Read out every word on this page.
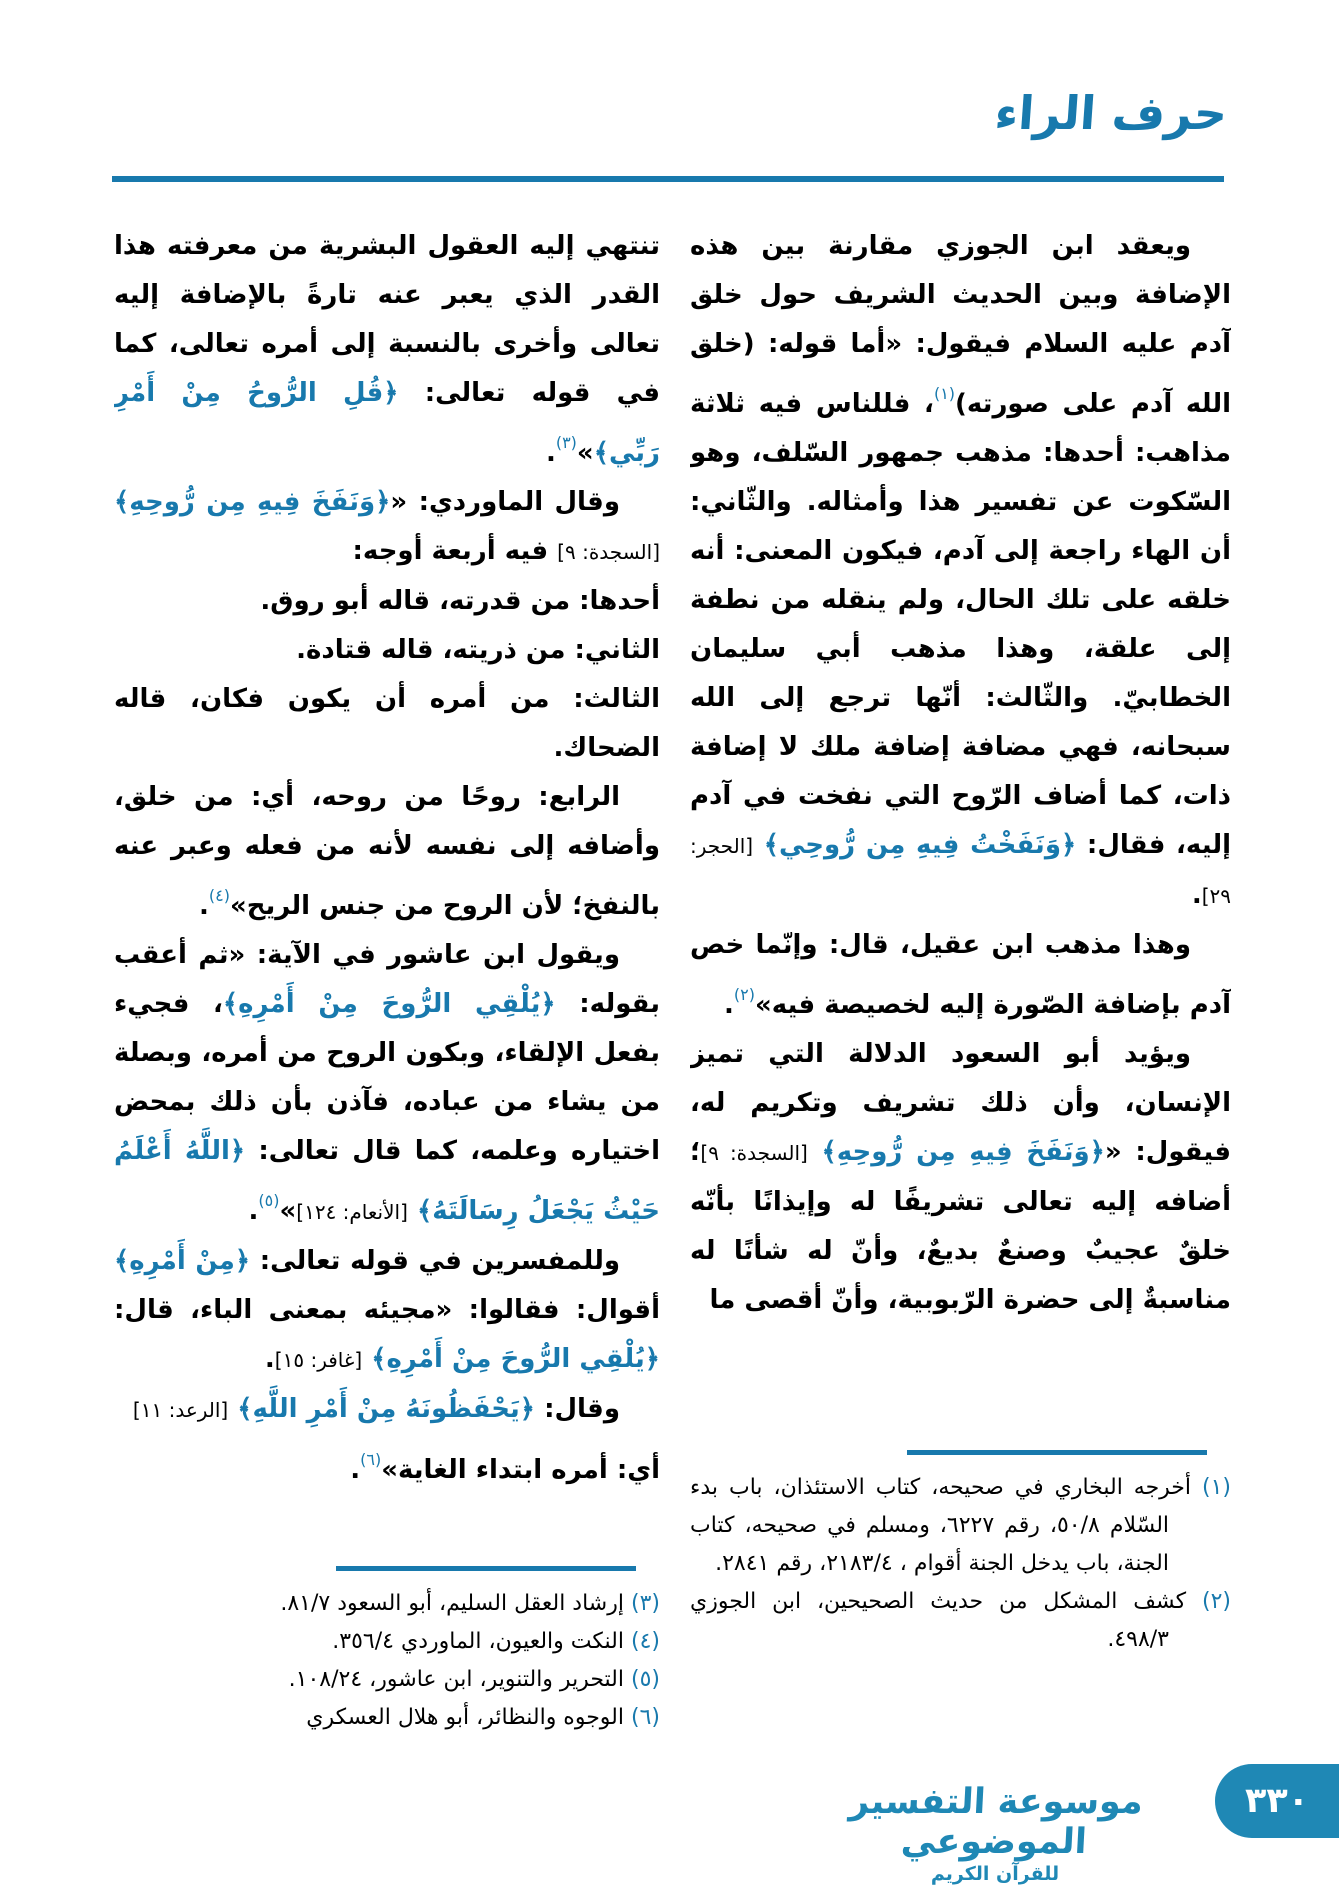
حرف الراء

ويعقد ابن الجوزي مقارنة بين هذه الإضافة وبين الحديث الشريف حول خلق آدم عليه السلام فيقول: «أما قوله: (خلق الله آدم على صورته)$^{(١)}$، فللناس فيه ثلاثة مذاهب: أحدها: مذهب جمهور السّلف، وهو السّكوت عن تفسير هذا وأمثاله. والثّاني: أن الهاء راجعة إلى آدم، فيكون المعنى: أنه خلقه على تلك الحال، ولم ينقله من نطفة إلى علقة، وهذا مذهب أبي سليمان الخطابيّ. والثّالث: أنّها ترجع إلى الله سبحانه، فهي مضافة إضافة ملك لا إضافة ذات، كما أضاف الرّوح التي نفخت في آدم إليه، فقال: ﴿وَنَفَخْتُ فِيهِ مِن رُّوحِي﴾ [الحجر: ٢٩].

وهذا مذهب ابن عقيل، قال: وإنّما خص آدم بإضافة الصّورة إليه لخصيصة فيه»$^{(٢)}$.

ويؤيد أبو السعود الدلالة التي تميز الإنسان، وأن ذلك تشريف وتكريم له، فيقول: «﴿وَنَفَخَ فِيهِ مِن رُّوحِهِ﴾ [السجدة: ٩]؛ أضافه إليه تعالى تشريفًا له وإيذانًا بأنّه خلقٌ عجيبٌ وصنعٌ بديعٌ، وأنّ له شأنًا له مناسبةٌ إلى حضرة الرّبوبية، وأنّ أقصى ما

تنتهي إليه العقول البشرية من معرفته هذا القدر الذي يعبر عنه تارةً بالإضافة إليه تعالى وأخرى بالنسبة إلى أمره تعالى، كما في قوله تعالى: ﴿قُلِ الرُّوحُ مِنْ أَمْرِ رَبِّي﴾»$^{(٣)}$.

وقال الماوردي: «﴿وَنَفَخَ فِيهِ مِن رُّوحِهِ﴾ [السجدة: ٩] فيه أربعة أوجه:

أحدها: من قدرته، قاله أبو روق.

الثاني: من ذريته، قاله قتادة.

الثالث: من أمره أن يكون فكان، قاله الضحاك.

الرابع: روحًا من روحه، أي: من خلق، وأضافه إلى نفسه لأنه من فعله وعبر عنه بالنفخ؛ لأن الروح من جنس الريح»$^{(٤)}$.

ويقول ابن عاشور في الآية: «ثم أعقب بقوله: ﴿يُلْقِي الرُّوحَ مِنْ أَمْرِهِ﴾، فجيء بفعل الإلقاء، وبكون الروح من أمره، وبصلة من يشاء من عباده، فآذن بأن ذلك بمحض اختياره وعلمه، كما قال تعالى: ﴿اللَّهُ أَعْلَمُ حَيْثُ يَجْعَلُ رِسَالَتَهُ﴾ [الأنعام: ١٢٤]»$^{(٥)}$.

وللمفسرين في قوله تعالى: ﴿مِنْ أَمْرِهِ﴾ أقوال: فقالوا: «مجيئه بمعنى الباء، قال: ﴿يُلْقِي الرُّوحَ مِنْ أَمْرِهِ﴾ [غافر: ١٥].

وقال: ﴿يَحْفَظُونَهُ مِنْ أَمْرِ اللَّهِ﴾ [الرعد: ١١]

أي: أمره ابتداء الغاية»$^{(٦)}$.

(١) أخرجه البخاري في صحيحه، كتاب الاستئذان، باب بدء السّلام ٥٠/٨، رقم ٦٢٢٧، ومسلم في صحيحه، كتاب الجنة، باب يدخل الجنة أقوام ، ٢١٨٣/٤، رقم ٢٨٤١.

(٢) كشف المشكل من حديث الصحيحين، ابن الجوزي ٤٩٨/٣.

(٣) إرشاد العقل السليم، أبو السعود ٨١/٧.

(٤) النكت والعيون، الماوردي ٣٥٦/٤.

(٥) التحرير والتنوير، ابن عاشور، ١٠٨/٢٤.

(٦) الوجوه والنظائر، أبو هلال العسكري

موسوعة التفسير الموضوعي
للقرآن الكريم
٣٣٠
